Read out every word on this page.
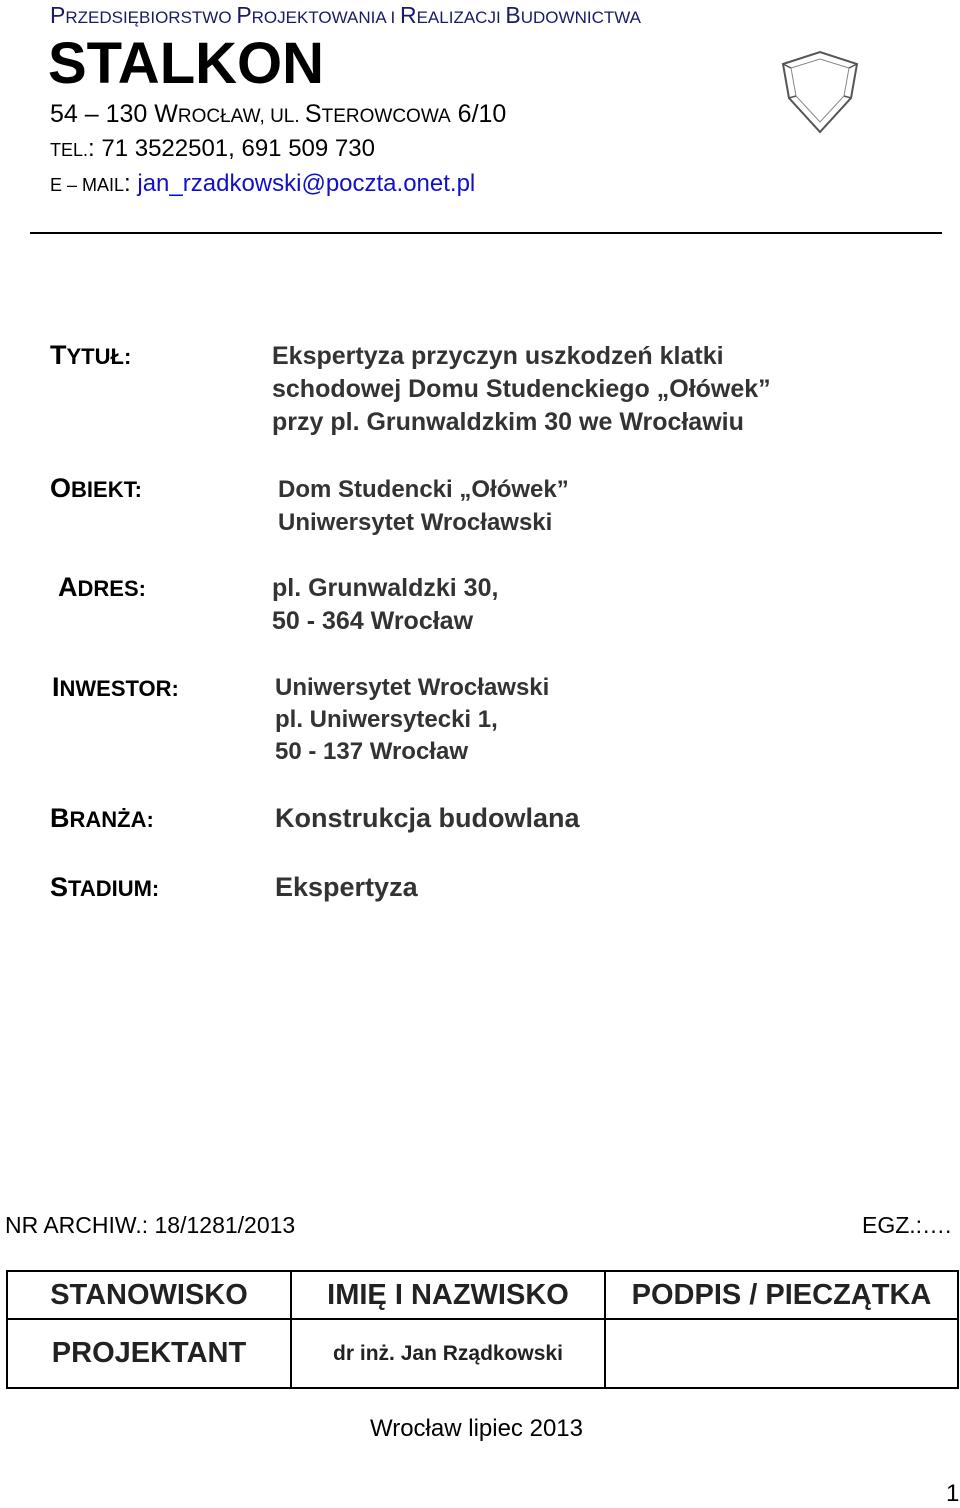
PRZEDSIĘBIORSTWO PROJEKTOWANIA I REALIZACJI BUDOWNICTWA
STALKON
54 – 130 WROCŁAW, UL. STEROWCOWA 6/10
TEL.: 71 3522501, 691 509 730
E – MAIL: jan_rzadkowski@poczta.onet.pl
TYTUŁ:	Ekspertyza przyczyn uszkodzeń klatki
schodowej Domu Studenckiego „Ołówek”
przy pl. Grunwaldzkim 30 we Wrocławiu
OBIEKT:	Dom Studencki „Ołówek”
Uniwersytet Wrocławski
ADRES:	pl. Grunwaldzki 30,
50 - 364 Wrocław
INWESTOR:	Uniwersytet Wrocławski
pl. Uniwersytecki 1,
50 - 137 Wrocław
BRANŻA:	Konstrukcja budowlana
STADIUM:	Ekspertyza
NR ARCHIW.: 18/1281/2013	EGZ.:….
STANOWISKO	IMIĘ I NAZWISKO	PODPIS / PIECZĄTKA
PROJEKTANT	dr inż. Jan Rządkowski	
Wrocław lipiec 2013
1
